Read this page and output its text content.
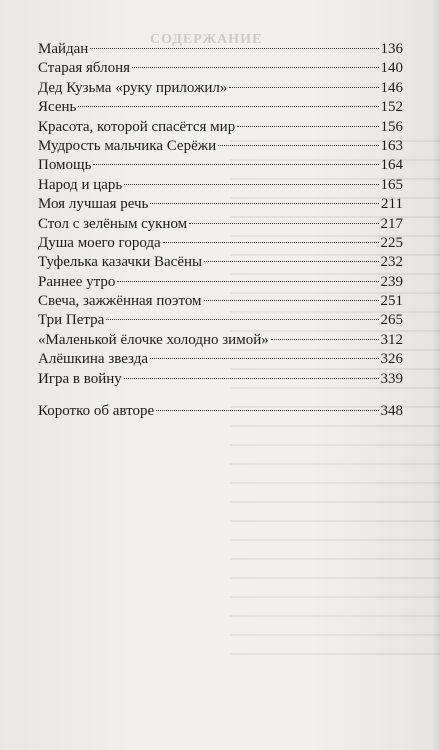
СОДЕРЖАНИЕ
Майдан	136
Старая яблоня	140
Дед Кузьма «руку приложил»	146
Ясень	152
Красота, которой спасётся мир	156
Мудрость мальчика Серёжи	163
Помощь	164
Народ и царь	165
Моя лучшая речь	211
Стол с зелёным сукном	217
Душа моего города	225
Туфелька казачки Васёны	232
Раннее утро	239
Свеча, зажжённая поэтом	251
Три Петра	265
«Маленькой ёлочке холодно зимой»	312
Алёшкина звезда	326
Игра в войну	339
Коротко об авторе	348
